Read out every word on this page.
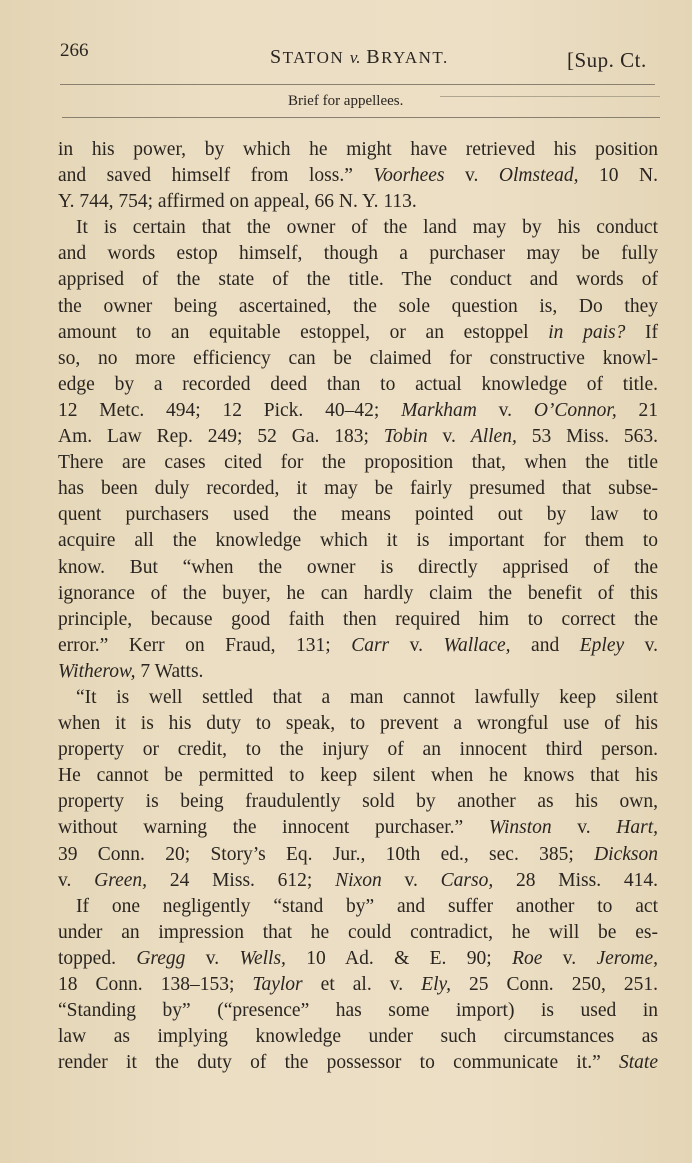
266	STATON v. BRYANT.	[Sup. Ct.
Brief for appellees.
in his power, by which he might have retrieved his position
and saved himself from loss.” Voorhees v. Olmstead, 10 N.
Y. 744, 754; affirmed on appeal, 66 N. Y. 113.
It is certain that the owner of the land may by his conduct
and words estop himself, though a purchaser may be fully
apprised of the state of the title. The conduct and words of
the owner being ascertained, the sole question is, Do they
amount to an equitable estoppel, or an estoppel in pais? If
so, no more efficiency can be claimed for constructive knowl-
edge by a recorded deed than to actual knowledge of title.
12 Metc. 494; 12 Pick. 40–42; Markham v. O’Connor, 21
Am. Law Rep. 249; 52 Ga. 183; Tobin v. Allen, 53 Miss. 563.
There are cases cited for the proposition that, when the title
has been duly recorded, it may be fairly presumed that subse-
quent purchasers used the means pointed out by law to
acquire all the knowledge which it is important for them to
know. But “when the owner is directly apprised of the
ignorance of the buyer, he can hardly claim the benefit of this
principle, because good faith then required him to correct the
error.” Kerr on Fraud, 131; Carr v. Wallace, and Epley v.
Witherow, 7 Watts.
“It is well settled that a man cannot lawfully keep silent
when it is his duty to speak, to prevent a wrongful use of his
property or credit, to the injury of an innocent third person.
He cannot be permitted to keep silent when he knows that his
property is being fraudulently sold by another as his own,
without warning the innocent purchaser.” Winston v. Hart,
39 Conn. 20; Story’s Eq. Jur., 10th ed., sec. 385; Dickson
v. Green, 24 Miss. 612; Nixon v. Carso, 28 Miss. 414.
If one negligently “stand by” and suffer another to act
under an impression that he could contradict, he will be es-
topped. Gregg v. Wells, 10 Ad. & E. 90; Roe v. Jerome,
18 Conn. 138–153; Taylor et al. v. Ely, 25 Conn. 250, 251.
“Standing by” (“presence” has some import) is used in
law as implying knowledge under such circumstances as
render it the duty of the possessor to communicate it.” State
